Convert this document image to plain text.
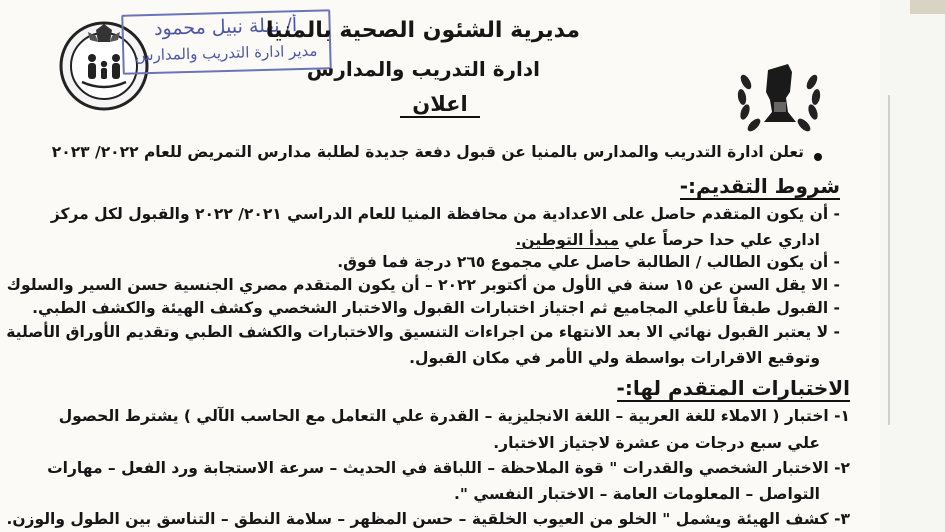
أ/ نهلة نبيل محمود
مدير ادارة التدريب والمدارس
مديرية الشئون الصحية بالمنيا
ادارة التدريب والمدارس
اعلان
تعلن ادارة التدريب والمدارس بالمنيا عن قبول دفعة جديدة لطلبة مدارس التمريض للعام ٢٠٢٢/ ٢٠٢٣
شروط التقديم:-
- أن يكون المتقدم حاصل على الاعدادية من محافظة المنيا للعام الدراسي ٢٠٢١/ ٢٠٢٢ والقبول لكل مركز
اداري علي حدا حرصاً علي مبدأ التوطين.
- أن يكون الطالب / الطالبة حاصل علي مجموع ٢٦٥ درجة فما فوق.
- الا يقل السن عن ١٥ سنة في الأول من أكتوبر ٢٠٢٢ – أن يكون المتقدم مصري الجنسية حسن السير والسلوك
- القبول طبقاً لأعلي المجاميع ثم اجتياز اختبارات القبول والاختبار الشخصي وكشف الهيئة والكشف الطبي.
- لا يعتبر القبول نهائي الا بعد الانتهاء من اجراءات التنسيق والاختبارات والكشف الطبي وتقديم الأوراق الأصلية
وتوقيع الاقرارات بواسطة ولي الأمر في مكان القبول.
الاختبارات المتقدم لها:-
١- اختبار ( الاملاء للغة العربية – اللغة الانجليزية – القدرة علي التعامل مع الحاسب الآلي ) يشترط الحصول
علي سبع درجات من عشرة لاجتياز الاختبار.
٢- الاختبار الشخصي والقدرات " قوة الملاحظة – اللباقة في الحديث – سرعة الاستجابة ورد الفعل – مهارات
التواصل – المعلومات العامة – الاختبار النفسي ".
٣- كشف الهيئة ويشمل " الخلو من العيوب الخلقية – حسن المظهر – سلامة النطق – التناسق بين الطول والوزن.
